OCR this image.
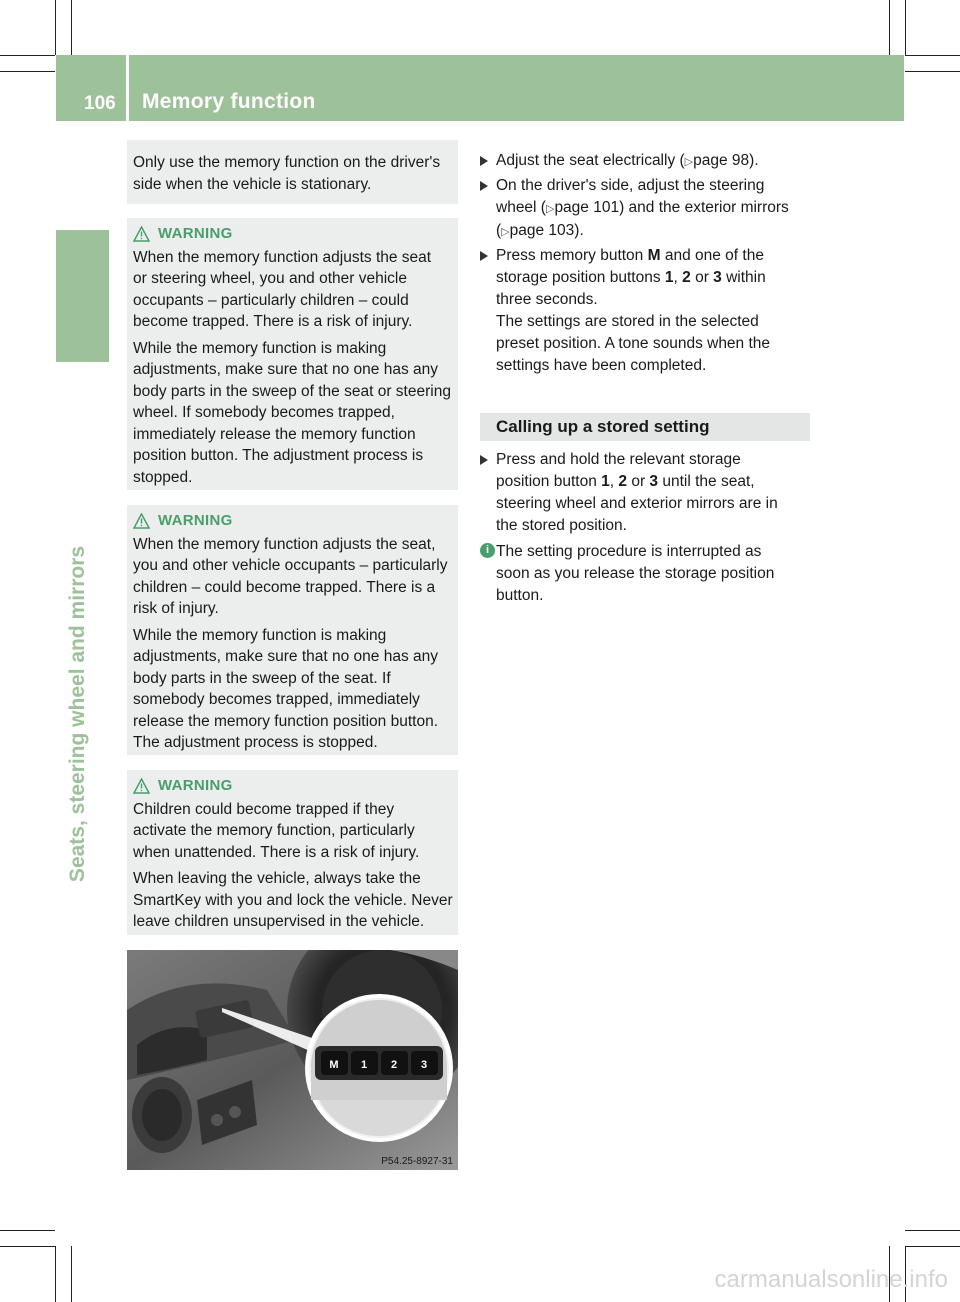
106 Memory function
Seats, steering wheel and mirrors
Only use the memory function on the driver's
side when the vehicle is stationary.
WARNING

When the memory function adjusts the seat
or steering wheel, you and other vehicle
occupants – particularly children – could
become trapped. There is a risk of injury.

While the memory function is making
adjustments, make sure that no one has any
body parts in the sweep of the seat or steering
wheel. If somebody becomes trapped,
immediately release the memory function
position button. The adjustment process is
stopped.

WARNING

When the memory function adjusts the seat,
you and other vehicle occupants – particularly
children – could become trapped. There is a
risk of injury.

While the memory function is making
adjustments, make sure that no one has any
body parts in the sweep of the seat. If
somebody becomes trapped, immediately
release the memory function position button.
The adjustment process is stopped.

WARNING

Children could become trapped if they
activate the memory function, particularly
when unattended. There is a risk of injury.

When leaving the vehicle, always take the
SmartKey with you and lock the vehicle. Never
leave children unsupervised in the vehicle.

M 1 2 3
P54.25-8927-31
Adjust the seat electrically (▷page 98).
On the driver's side, adjust the steering
wheel (▷page 101) and the exterior mirrors
(▷page 103).
Press memory button M and one of the
storage position buttons 1, 2 or 3 within
three seconds.
The settings are stored in the selected
preset position. A tone sounds when the
settings have been completed.
Calling up a stored setting
Press and hold the relevant storage
position button 1, 2 or 3 until the seat,
steering wheel and exterior mirrors are in
the stored position.
i The setting procedure is interrupted as
soon as you release the storage position
button.
carmanualsonline.info
